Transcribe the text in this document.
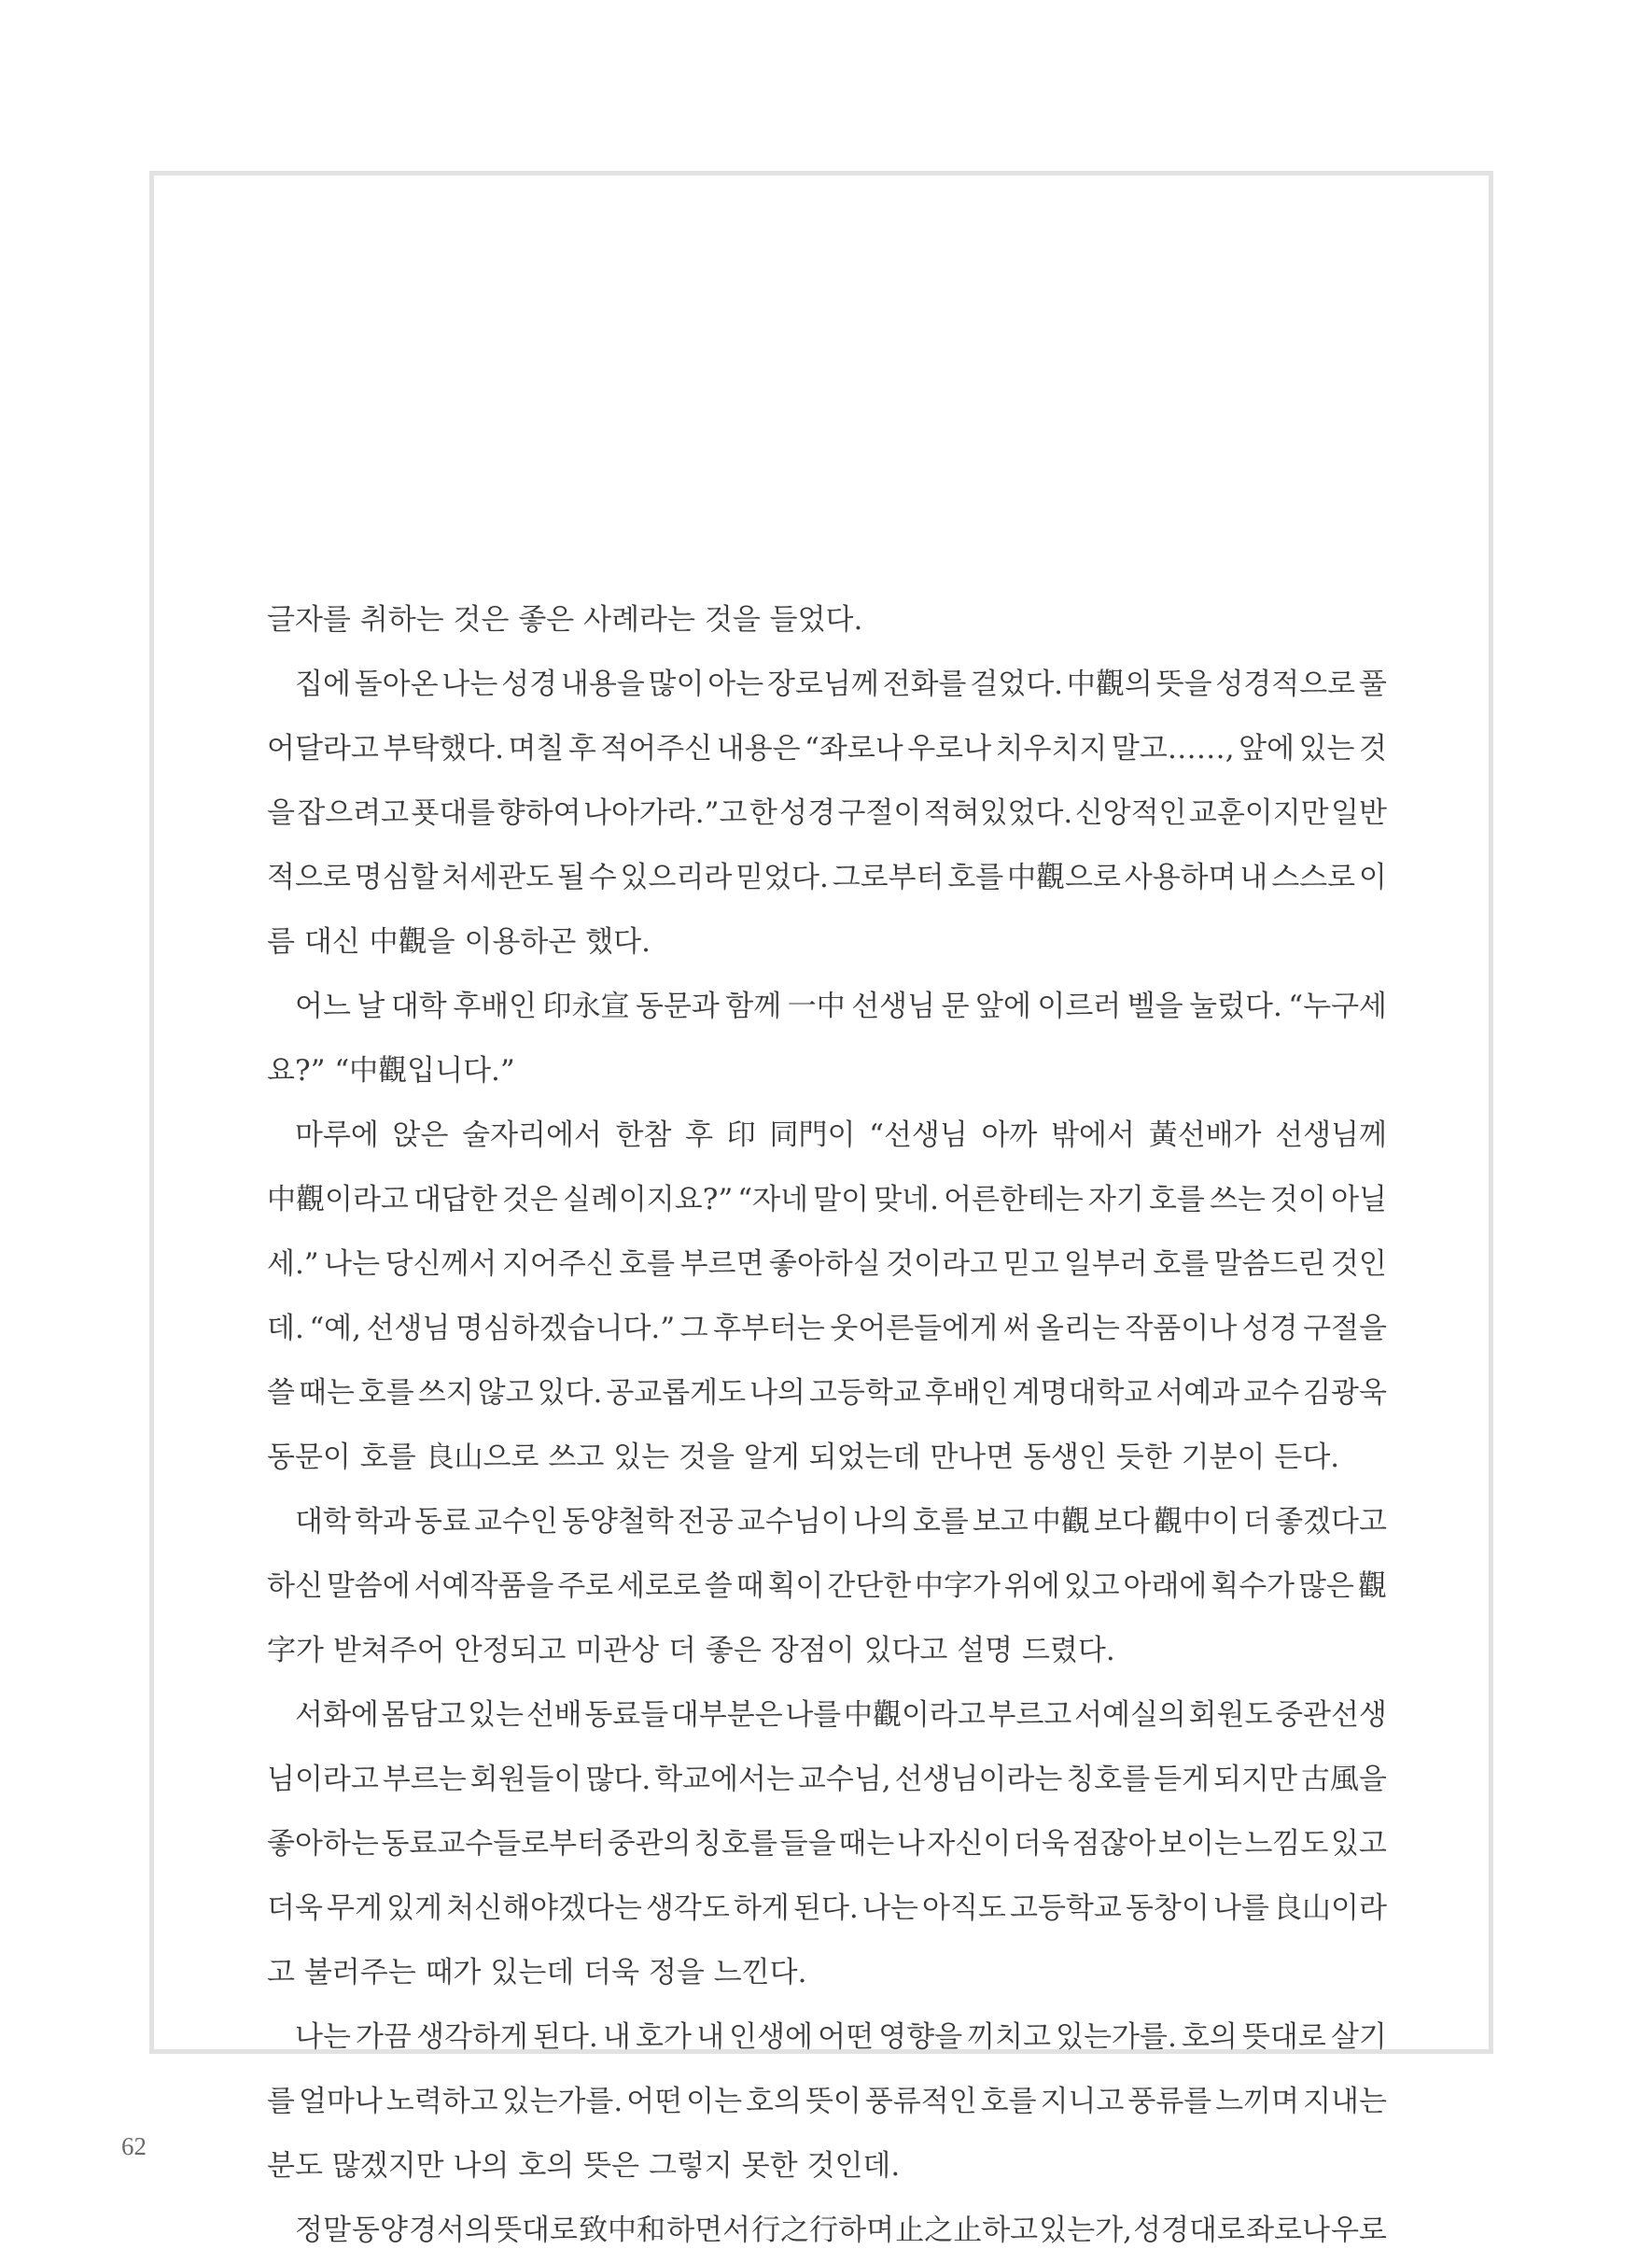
글자를 취하는 것은 좋은 사례라는 것을 들었다.
집에 돌아온 나는 성경 내용을 많이 아는 장로님께 전화를 걸었다. 中觀의 뜻을 성경적으로 풀
어달라고 부탁했다. 며칠 후 적어주신 내용은 “좌로나 우로나 치우치지 말고……, 앞에 있는 것
을 잡으려고 푯대를 향하여 나아가라.”고 한 성경 구절이 적혀있었다. 신앙적인 교훈이지만 일반
적으로 명심할 처세관도 될 수 있으리라 믿었다. 그로부터 호를 中觀으로 사용하며 내 스스로 이
름 대신 中觀을 이용하곤 했다.
어느 날 대학 후배인 印永宣 동문과 함께 一中 선생님 문 앞에 이르러 벨을 눌렀다. “누구세
요?” “中觀입니다.”
마루에 앉은 술자리에서 한참 후 印 同門이 “선생님 아까 밖에서 黃선배가 선생님께
中觀이라고 대답한 것은 실례이지요?” “자네 말이 맞네. 어른한테는 자기 호를 쓰는 것이 아닐
세.” 나는 당신께서 지어주신 호를 부르면 좋아하실 것이라고 믿고 일부러 호를 말씀드린 것인
데. “예, 선생님 명심하겠습니다.” 그 후부터는 웃어른들에게 써 올리는 작품이나 성경 구절을
쓸 때는 호를 쓰지 않고 있다. 공교롭게도 나의 고등학교 후배인 계명대학교 서예과 교수 김광욱
동문이 호를 良山으로 쓰고 있는 것을 알게 되었는데 만나면 동생인 듯한 기분이 든다.
대학 학과 동료 교수인 동양철학 전공 교수님이 나의 호를 보고 中觀 보다 觀中이 더 좋겠다고
하신 말씀에 서예작품을 주로 세로로 쓸 때 획이 간단한 中字가 위에 있고 아래에 획수가 많은 觀
字가 받쳐주어 안정되고 미관상 더 좋은 장점이 있다고 설명 드렸다.
서화에 몸담고 있는 선배 동료들 대부분은 나를 中觀이라고 부르고 서예실의 회원도 중관선생
님이라고 부르는 회원들이 많다. 학교에서는 교수님, 선생님이라는 칭호를 듣게 되지만 古風을
좋아하는 동료교수들로부터 중관의 칭호를 들을 때는 나 자신이 더욱 점잖아 보이는 느낌도 있고
더욱 무게 있게 처신해야겠다는 생각도 하게 된다. 나는 아직도 고등학교 동창이 나를 良山이라
고 불러주는 때가 있는데 더욱 정을 느낀다.
나는 가끔 생각하게 된다. 내 호가 내 인생에 어떤 영향을 끼치고 있는가를. 호의 뜻대로 살기
를 얼마나 노력하고 있는가를. 어떤 이는 호의 뜻이 풍류적인 호를 지니고 풍류를 느끼며 지내는
분도 많겠지만 나의 호의 뜻은 그렇지 못한 것인데.
정말 동양 경서의 뜻대로 致中和 하면서 行之行하며 止之止하고 있는가, 성경대로 좌로나 우로
62
